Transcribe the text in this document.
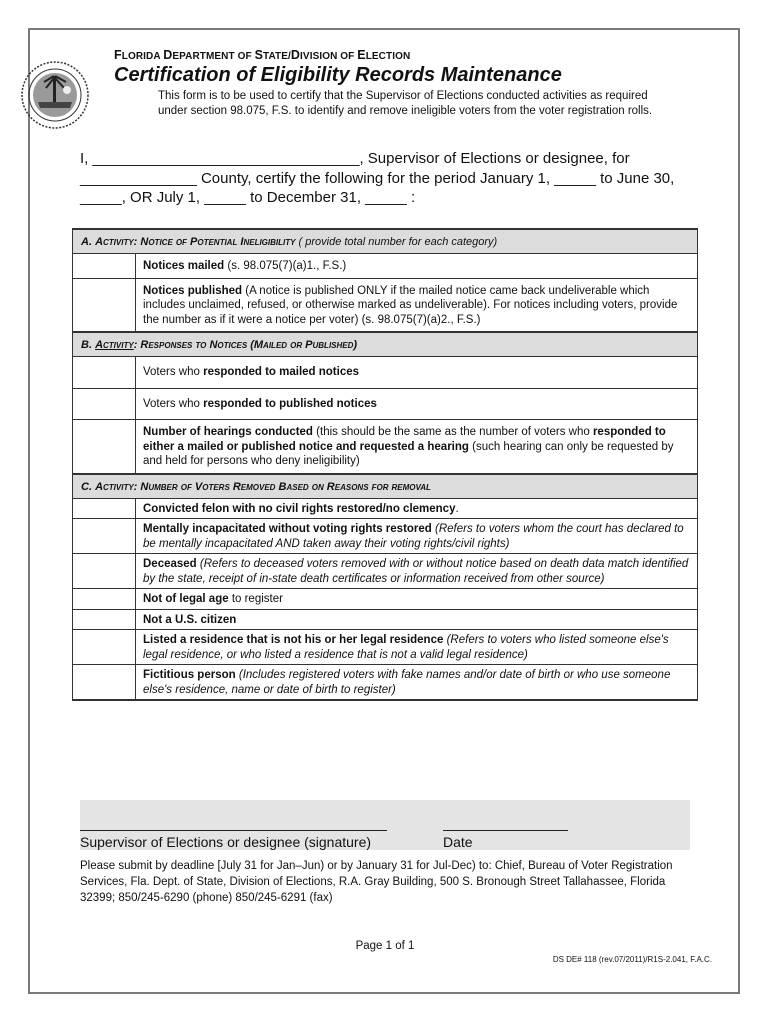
FLORIDA DEPARTMENT OF STATE/DIVISION OF ELECTION
Certification of Eligibility Records Maintenance
This form is to be used to certify that the Supervisor of Elections conducted activities as required under section 98.075, F.S. to identify and remove ineligible voters from the voter registration rolls.
I, ________________________________, Supervisor of Elections or designee, for
______________ County, certify the following for the period January 1, _____ to June 30,
_____, OR July 1, _____ to December 31, _____ :
A. Activity: Notice of Potential Ineligibility ( provide total number for each category)	
	Notices mailed (s. 98.075(7)(a)1., F.S.)
	Notices published (A notice is published ONLY if the mailed notice came back undeliverable which includes unclaimed, refused, or otherwise marked as undeliverable). For notices including voters, provide the number as if it were a notice per voter) (s. 98.075(7)(a)2., F.S.)
B. Activity: Responses to Notices (Mailed or Published)	
	Voters who responded to mailed notices
	Voters who responded to published notices
	Number of hearings conducted (this should be the same as the number of voters who responded to either a mailed or published notice and requested a hearing (such hearing can only be requested by and held for persons who deny ineligibility)
C. Activity: Number of Voters Removed Based on Reasons for removal	
	Convicted felon with no civil rights restored/no clemency.
	Mentally incapacitated without voting rights restored (Refers to voters whom the court has declared to be mentally incapacitated AND taken away their voting rights/civil rights)
	Deceased (Refers to deceased voters removed with or without notice based on death data match identified by the state, receipt of in-state death certificates or information received from other source)
	Not of legal age to register
	Not a U.S. citizen
	Listed a residence that is not his or her legal residence (Refers to voters who listed someone else's legal residence, or who listed a residence that is not a valid legal residence)
	Fictitious person (Includes registered voters with fake names and/or date of birth or who use someone else's residence, name or date of birth to register)
Supervisor of Elections or designee (signature)	Date
Please submit by deadline [July 31 for Jan–Jun) or by January 31 for Jul-Dec) to: Chief, Bureau of Voter Registration Services, Fla. Dept. of State, Division of Elections, R.A. Gray Building, 500 S. Bronough Street Tallahassee, Florida 32399; 850/245-6290 (phone) 850/245-6291 (fax)
Page 1 of 1
DS DE# 118 (rev.07/2011)/R1S-2.041, F.A.C.
